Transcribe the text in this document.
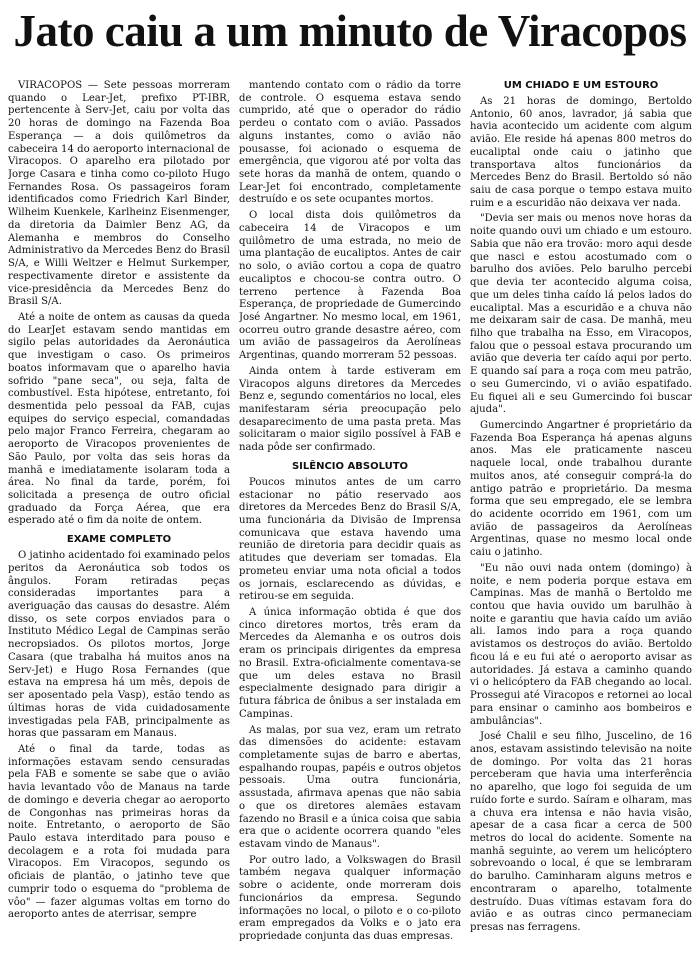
Jato caiu a um minuto de Viracopos

VIRACOPOS — Sete pessoas morreram quando o Lear-Jet, prefixo PT-IBR, pertencente à Serv-Jet, caiu por volta das 20 horas de domingo na Fazenda Boa Esperança — a dois quilômetros da cabeceira 14 do aeroporto internacional de Viracopos. O aparelho era pilotado por Jorge Casara e tinha como co-piloto Hugo Fernandes Rosa. Os passageiros foram identificados como Friedrich Karl Binder, Wilheim Kuenkele, Karlheinz Eisenmenger, da diretoria da Daimler Benz AG, da Alemanha e membros do Conselho Administrativo da Mercedes Benz do Brasil S/A, e Willi Weltzer e Helmut Surkemper, respectivamente diretor e assistente da vice-presidência da Mercedes Benz do Brasil S/A.

Até a noite de ontem as causas da queda do LearJet estavam sendo mantidas em sigilo pelas autoridades da Aeronáutica que investigam o caso. Os primeiros boatos informavam que o aparelho havia sofrido "pane seca", ou seja, falta de combustível. Esta hipótese, entretanto, foi desmentida pelo pessoal da FAB, cujas equipes do serviço especial, comandadas pelo major Franco Ferreira, chegaram ao aeroporto de Viracopos provenientes de São Paulo, por volta das seis horas da manhã e imediatamente isolaram toda a área. No final da tarde, porém, foi solicitada a presença de outro oficial graduado da Força Aérea, que era esperado até o fim da noite de ontem.

EXAME COMPLETO

O jatinho acidentado foi examinado pelos peritos da Aeronáutica sob todos os ângulos. Foram retiradas peças consideradas importantes para a averiguação das causas do desastre. Além disso, os sete corpos enviados para o Instituto Médico Legal de Campinas serão necropsiados. Os pilotos mortos, Jorge Casara (que trabalha há muitos anos na Serv-Jet) e Hugo Rosa Fernandes (que estava na empresa há um mês, depois de ser aposentado pela Vasp), estão tendo as últimas horas de vida cuidadosamente investigadas pela FAB, principalmente as horas que passaram em Manaus.

Até o final da tarde, todas as informações estavam sendo censuradas pela FAB e somente se sabe que o avião havia levantado vôo de Manaus na tarde de domingo e deveria chegar ao aeroporto de Congonhas nas primeiras horas da noite. Entretanto, o aeroporto de São Paulo estava interditado para pouso e decolagem e a rota foi mudada para Viracopos. Em Viracopos, segundo os oficiais de plantão, o jatinho teve que cumprir todo o esquema do "problema de vôo" — fazer algumas voltas em torno do aeroporto antes de aterrisar, sempre

mantendo contato com o rádio da torre de controle. O esquema estava sendo cumprido, até que o operador do rádio perdeu o contato com o avião. Passados alguns instantes, como o avião não pousasse, foi acionado o esquema de emergência, que vigorou até por volta das sete horas da manhã de ontem, quando o Lear-Jet foi encontrado, completamente destruído e os sete ocupantes mortos.

O local dista dois quilômetros da cabeceira 14 de Viracopos e um quilômetro de uma estrada, no meio de uma plantação de eucaliptos. Antes de cair no solo, o avião cortou a copa de quatro eucaliptos e chocou-se contra outro. O terreno pertence à Fazenda Boa Esperança, de propriedade de Gumercindo José Angartner. No mesmo local, em 1961, ocorreu outro grande desastre aéreo, com um avião de passageiros da Aerolíneas Argentinas, quando morreram 52 pessoas.

Ainda ontem à tarde estiveram em Viracopos alguns diretores da Mercedes Benz e, segundo comentários no local, eles manifestaram séria preocupação pelo desaparecimento de uma pasta preta. Mas solicitaram o maior sigilo possível à FAB e nada pôde ser confirmado.

SILÊNCIO ABSOLUTO

Poucos minutos antes de um carro estacionar no pátio reservado aos diretores da Mercedes Benz do Brasil S/A, uma funcionária da Divisão de Imprensa comunicava que estava havendo uma reunião de diretoria para decidir quais as atitudes que deveriam ser tomadas. Ela prometeu enviar uma nota oficial a todos os jornais, esclarecendo as dúvidas, e retirou-se em seguida.

A única informação obtida é que dos cinco diretores mortos, três eram da Mercedes da Alemanha e os outros dois eram os principais dirigentes da empresa no Brasil. Extra-oficialmente comentava-se que um deles estava no Brasil especialmente designado para dirigir a futura fábrica de ônibus a ser instalada em Campinas.

As malas, por sua vez, eram um retrato das dimensões do acidente: estavam completamente sujas de barro e abertas, espalhando roupas, papéis e outros objetos pessoais. Uma outra funcionária, assustada, afirmava apenas que não sabia o que os diretores alemães estavam fazendo no Brasil e a única coisa que sabia era que o acidente ocorrera quando "eles estavam vindo de Manaus".

Por outro lado, a Volkswagen do Brasil também negava qualquer informação sobre o acidente, onde morreram dois funcionários da empresa. Segundo informações no local, o piloto e o co-piloto eram empregados da Volks e o jato era propriedade conjunta das duas empresas.

UM CHIADO E UM ESTOURO

As 21 horas de domingo, Bertoldo Antonio, 60 anos, lavrador, já sabia que havia acontecido um acidente com algum avião. Ele reside há apenas 800 metros do eucaliptal onde caiu o jatinho que transportava altos funcionários da Mercedes Benz do Brasil. Bertoldo só não saiu de casa porque o tempo estava muito ruim e a escuridão não deixava ver nada.

"Devia ser mais ou menos nove horas da noite quando ouvi um chiado e um estouro. Sabia que não era trovão: moro aqui desde que nasci e estou acostumado com o barulho dos aviões. Pelo barulho percebi que devia ter acontecido alguma coisa, que um deles tinha caído lá pelos lados do eucaliptal. Mas a escuridão e a chuva não me deixaram sair de casa. De manhã, meu filho que trabalha na Esso, em Viracopos, falou que o pessoal estava procurando um avião que deveria ter caído aqui por perto. E quando saí para a roça com meu patrão, o seu Gumercindo, vi o avião espatifado. Eu fiquei ali e seu Gumercindo foi buscar ajuda".

Gumercindo Angartner é proprietário da Fazenda Boa Esperança há apenas alguns anos. Mas ele praticamente nasceu naquele local, onde trabalhou durante muitos anos, até conseguir comprá-la do antigo patrão e proprietário. Da mesma forma que seu empregado, ele se lembra do acidente ocorrido em 1961, com um avião de passageiros da Aerolíneas Argentinas, quase no mesmo local onde caiu o jatinho.

"Eu não ouvi nada ontem (domingo) à noite, e nem poderia porque estava em Campinas. Mas de manhã o Bertoldo me contou que havia ouvido um barulhão à noite e garantiu que havia caído um avião ali. Iamos indo para a roça quando avistamos os destroços do avião. Bertoldo ficou lá e eu fui até o aeroporto avisar as autoridades. Já estava a caminho quando vi o helicóptero da FAB chegando ao local. Prossegui até Viracopos e retornei ao local para ensinar o caminho aos bombeiros e ambulâncias".

José Chalil e seu filho, Juscelino, de 16 anos, estavam assistindo televisão na noite de domingo. Por volta das 21 horas perceberam que havia uma interferência no aparelho, que logo foi seguida de um ruído forte e surdo. Saíram e olharam, mas a chuva era intensa e não havia visão, apesar de a casa ficar a cerca de 500 metros do local do acidente. Somente na manhã seguinte, ao verem um helicóptero sobrevoando o local, é que se lembraram do barulho. Caminharam alguns metros e encontraram o aparelho, totalmente destruído. Duas vítimas estavam fora do avião e as outras cinco permaneciam presas nas ferragens.
